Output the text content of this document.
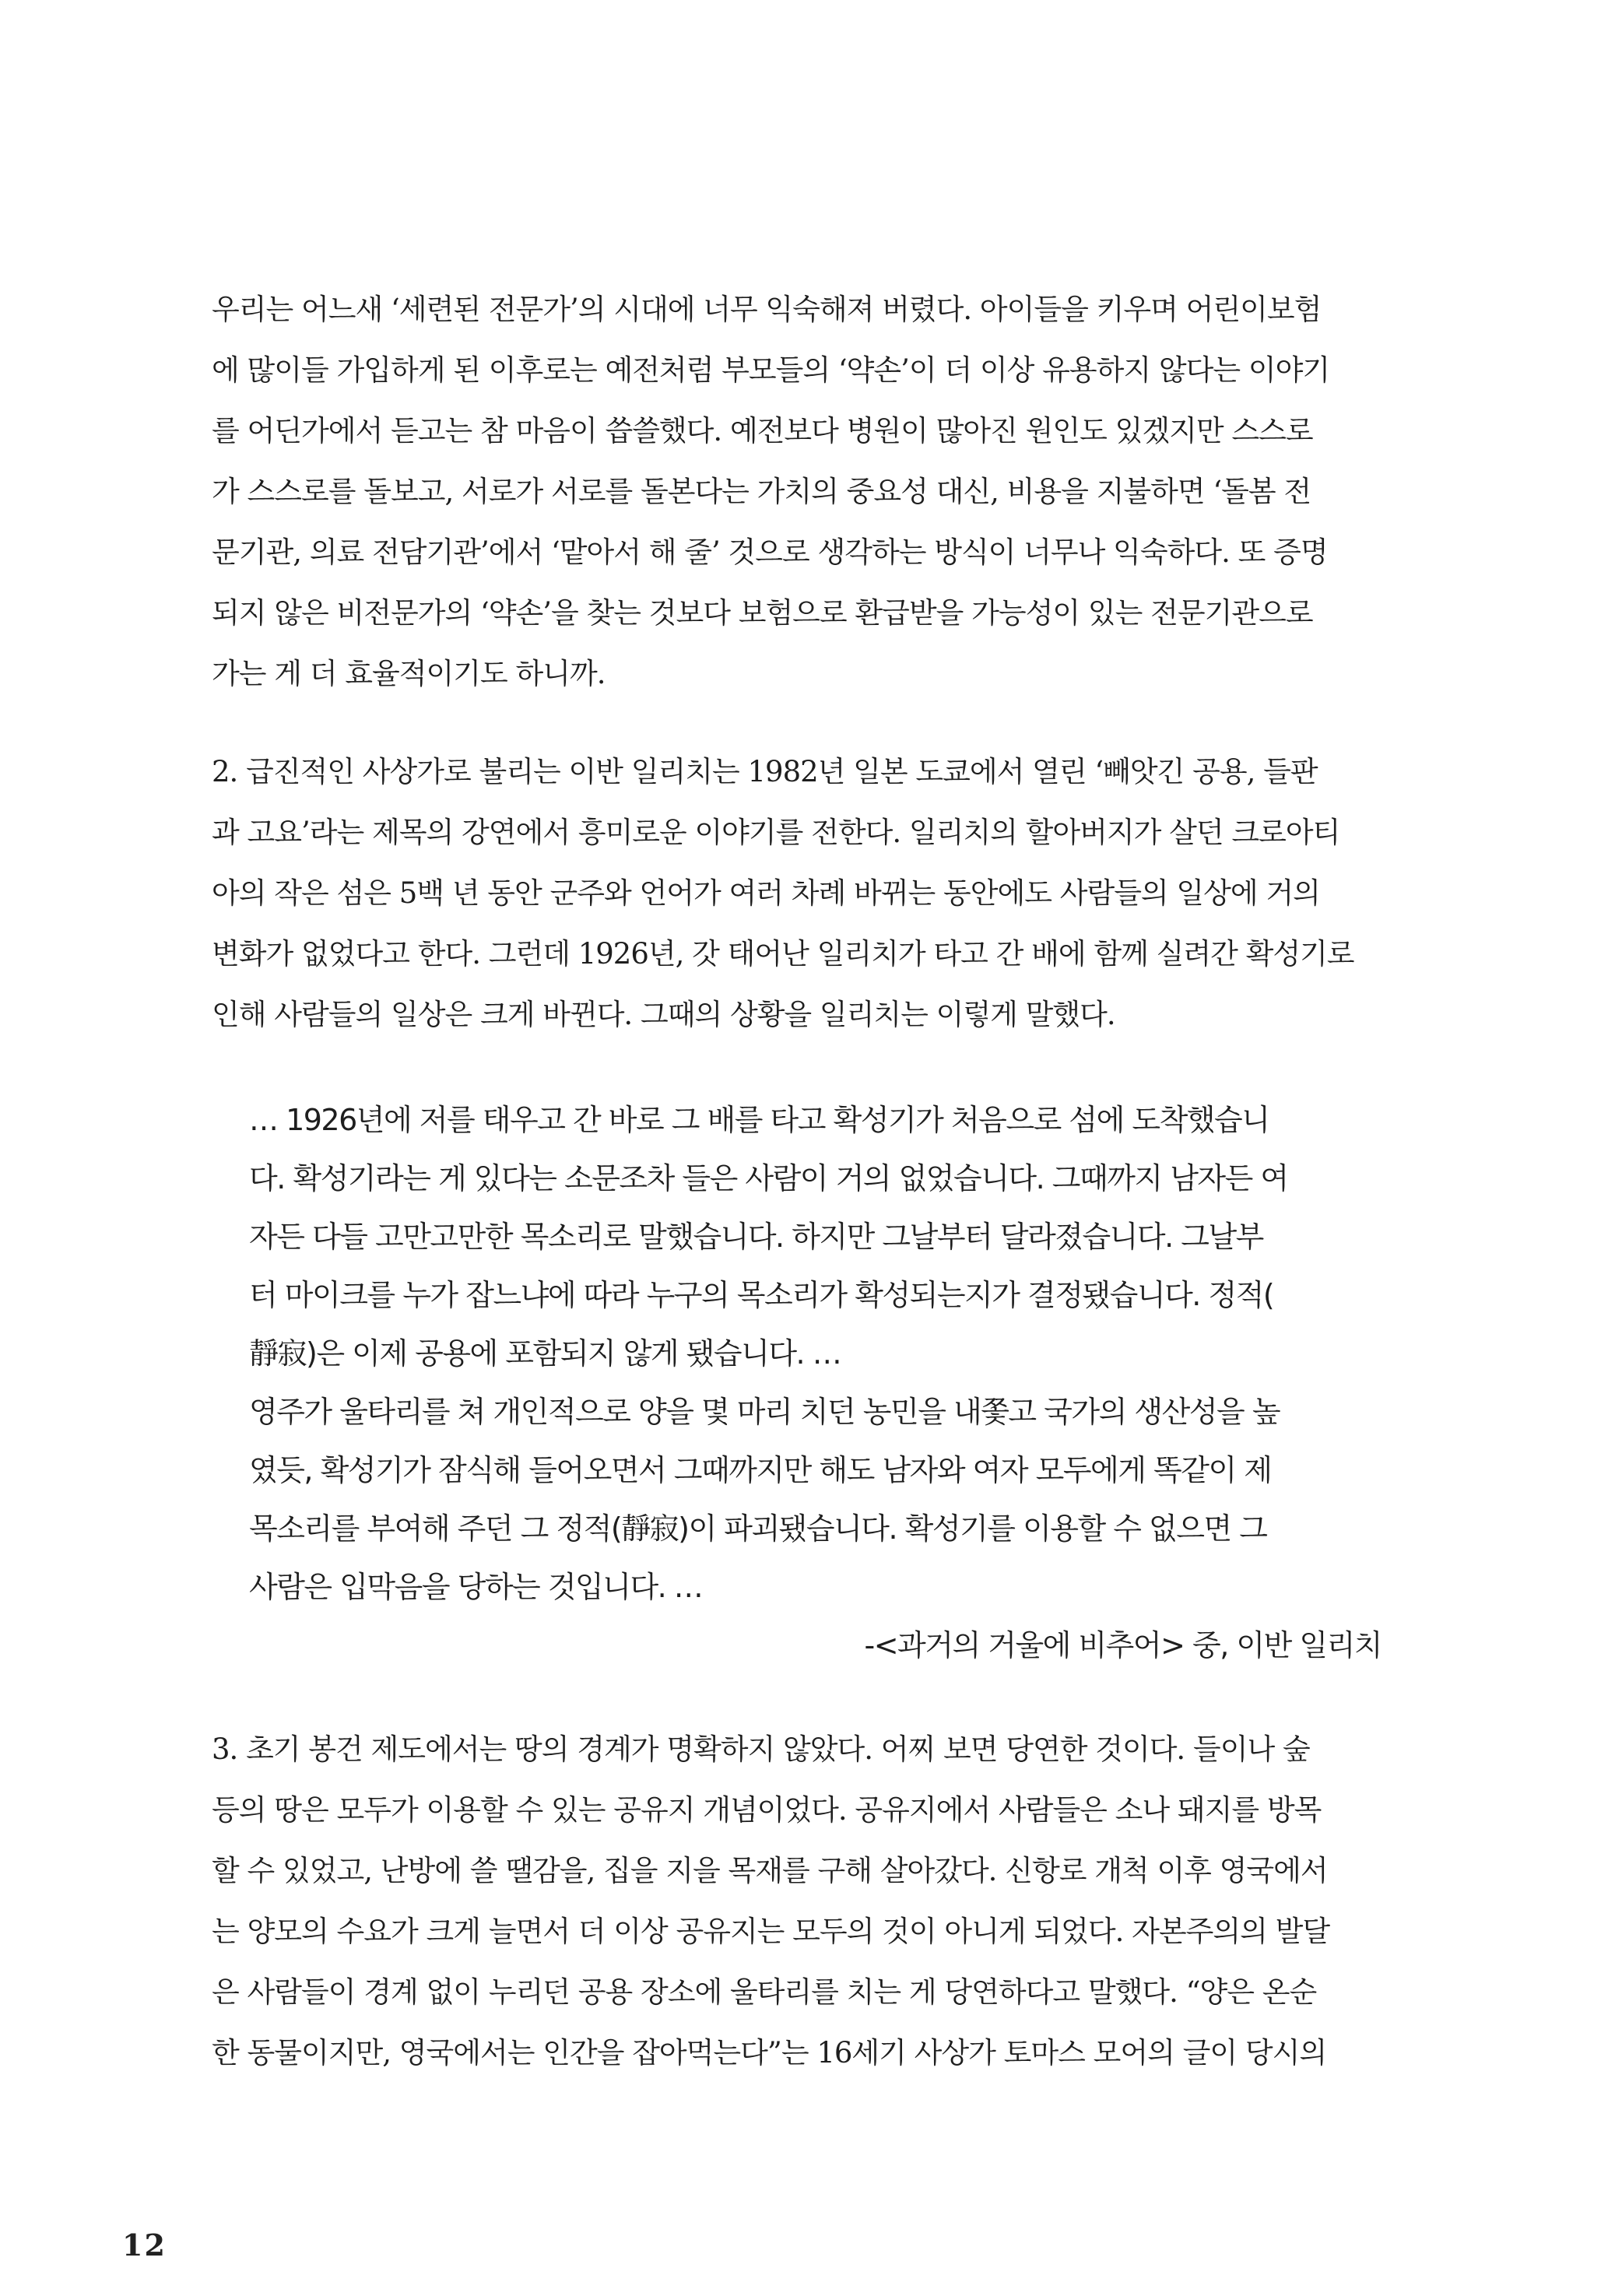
우리는 어느새 ‘세련된 전문가’의 시대에 너무 익숙해져 버렸다. 아이들을 키우며 어린이보험
에 많이들 가입하게 된 이후로는 예전처럼 부모들의 ‘약손’이 더 이상 유용하지 않다는 이야기
를 어딘가에서 듣고는 참 마음이 씁쓸했다. 예전보다 병원이 많아진 원인도 있겠지만 스스로
가 스스로를 돌보고, 서로가 서로를 돌본다는 가치의 중요성 대신, 비용을 지불하면 ‘돌봄 전
문기관, 의료 전담기관’에서 ‘맡아서 해 줄’ 것으로 생각하는 방식이 너무나 익숙하다. 또 증명
되지 않은 비전문가의 ‘약손’을 찾는 것보다 보험으로 환급받을 가능성이 있는 전문기관으로
가는 게 더 효율적이기도 하니까.
2. 급진적인 사상가로 불리는 이반 일리치는 1982년 일본 도쿄에서 열린 ‘빼앗긴 공용, 들판
과 고요’라는 제목의 강연에서 흥미로운 이야기를 전한다. 일리치의 할아버지가 살던 크로아티
아의 작은 섬은 5백 년 동안 군주와 언어가 여러 차례 바뀌는 동안에도 사람들의 일상에 거의
변화가 없었다고 한다. 그런데 1926년, 갓 태어난 일리치가 타고 간 배에 함께 실려간 확성기로
인해 사람들의 일상은 크게 바뀐다. 그때의 상황을 일리치는 이렇게 말했다.
… 1926년에 저를 태우고 간 바로 그 배를 타고 확성기가 처음으로 섬에 도착했습니
다. 확성기라는 게 있다는 소문조차 들은 사람이 거의 없었습니다. 그때까지 남자든 여
자든 다들 고만고만한 목소리로 말했습니다. 하지만 그날부터 달라졌습니다. 그날부
터 마이크를 누가 잡느냐에 따라 누구의 목소리가 확성되는지가 결정됐습니다. 정적(
靜寂)은 이제 공용에 포함되지 않게 됐습니다. …
영주가 울타리를 쳐 개인적으로 양을 몇 마리 치던 농민을 내쫓고 국가의 생산성을 높
였듯, 확성기가 잠식해 들어오면서 그때까지만 해도 남자와 여자 모두에게 똑같이 제
목소리를 부여해 주던 그 정적(靜寂)이 파괴됐습니다. 확성기를 이용할 수 없으면 그
사람은 입막음을 당하는 것입니다. …
-<과거의 거울에 비추어> 중, 이반 일리치
3. 초기 봉건 제도에서는 땅의 경계가 명확하지 않았다. 어찌 보면 당연한 것이다. 들이나 숲
등의 땅은 모두가 이용할 수 있는 공유지 개념이었다. 공유지에서 사람들은 소나 돼지를 방목
할 수 있었고, 난방에 쓸 땔감을, 집을 지을 목재를 구해 살아갔다. 신항로 개척 이후 영국에서
는 양모의 수요가 크게 늘면서 더 이상 공유지는 모두의 것이 아니게 되었다. 자본주의의 발달
은 사람들이 경계 없이 누리던 공용 장소에 울타리를 치는 게 당연하다고 말했다. “양은 온순
한 동물이지만, 영국에서는 인간을 잡아먹는다”는 16세기 사상가 토마스 모어의 글이 당시의
12
